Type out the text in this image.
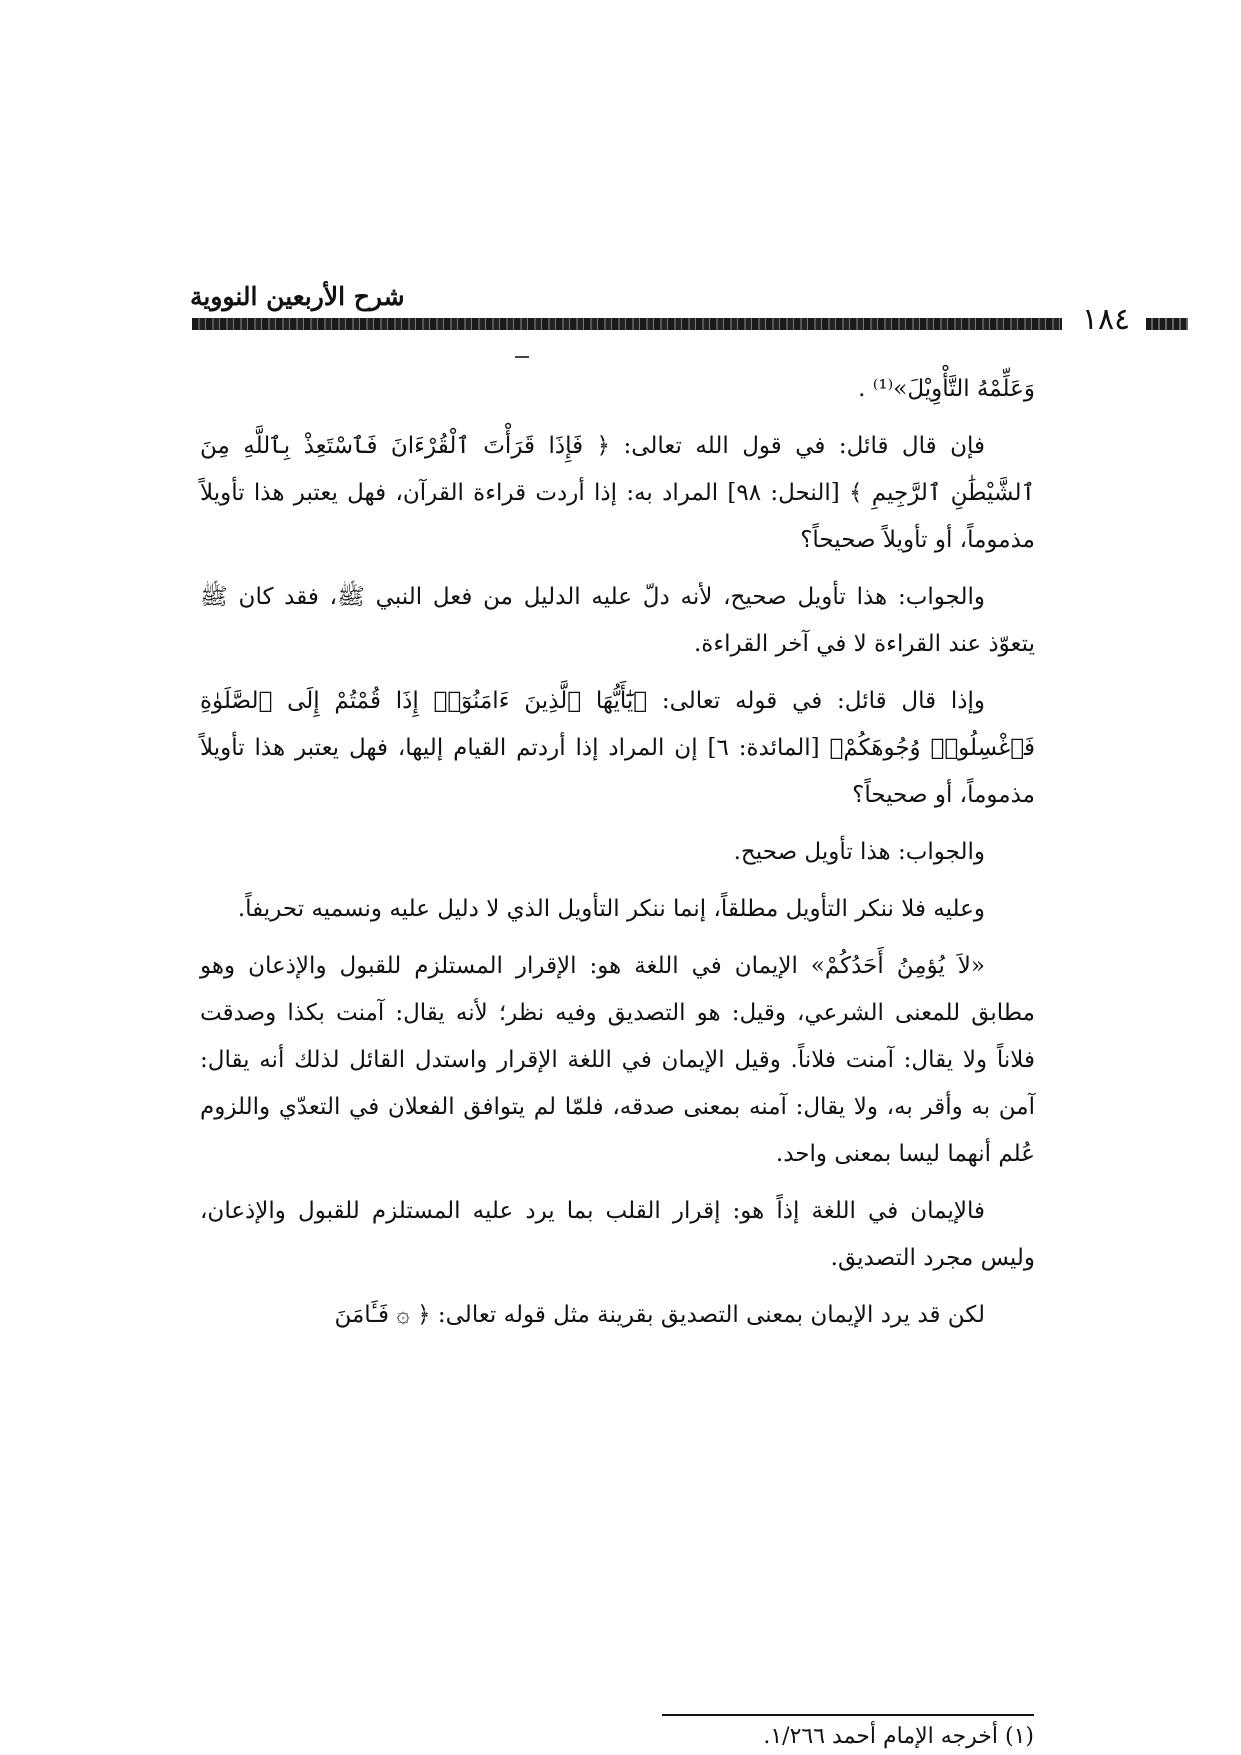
شرح الأربعين النووية
١٨٤

وَعَلِّمْهُ التَّأْوِيْلَ»⁽¹⁾ .

فإن قال قائل: في قول الله تعالى: ﴿ فَإِذَا قَرَأْتَ ٱلْقُرْءَانَ فَٱسْتَعِذْ بِٱللَّهِ مِنَ ٱلشَّيْطَٰنِ ٱلرَّجِيمِ ﴾ [النحل: ٩٨] المراد به: إذا أردت قراءة القرآن، فهل يعتبر هذا تأويلاً مذموماً، أو تأويلاً صحيحاً؟

والجواب: هذا تأويل صحيح، لأنه دلّ عليه الدليل من فعل النبي ﷺ، فقد كان ﷺ يتعوّذ عند القراءة لا في آخر القراءة.

وإذا قال قائل: في قوله تعالى: ﴿يَٰٓأَيُّهَا ٱلَّذِينَ ءَامَنُوٓا۟ إِذَا قُمْتُمْ إِلَى ٱلصَّلَوٰةِ فَٱغْسِلُوا۟ وُجُوهَكُمْ﴾ [المائدة: ٦] إن المراد إذا أردتم القيام إليها، فهل يعتبر هذا تأويلاً مذموماً، أو صحيحاً؟

والجواب: هذا تأويل صحيح.

وعليه فلا ننكر التأويل مطلقاً، إنما ننكر التأويل الذي لا دليل عليه ونسميه تحريفاً.

«لاَ يُؤمِنُ أَحَدُكُمْ» الإيمان في اللغة هو: الإقرار المستلزم للقبول والإذعان وهو مطابق للمعنى الشرعي، وقيل: هو التصديق وفيه نظر؛ لأنه يقال: آمنت بكذا وصدقت فلاناً ولا يقال: آمنت فلاناً. وقيل الإيمان في اللغة الإقرار واستدل القائل لذلك أنه يقال: آمن به وأقر به، ولا يقال: آمنه بمعنى صدقه، فلمّا لم يتوافق الفعلان في التعدّي واللزوم عُلم أنهما ليسا بمعنى واحد.

فالإيمان في اللغة إذاً هو: إقرار القلب بما يرد عليه المستلزم للقبول والإذعان، وليس مجرد التصديق.

لكن قد يرد الإيمان بمعنى التصديق بقرينة مثل قوله تعالى: ﴿ ۞ فَـَٔامَنَ

(١) أخرجه الإمام أحمد ١/٢٦٦.
